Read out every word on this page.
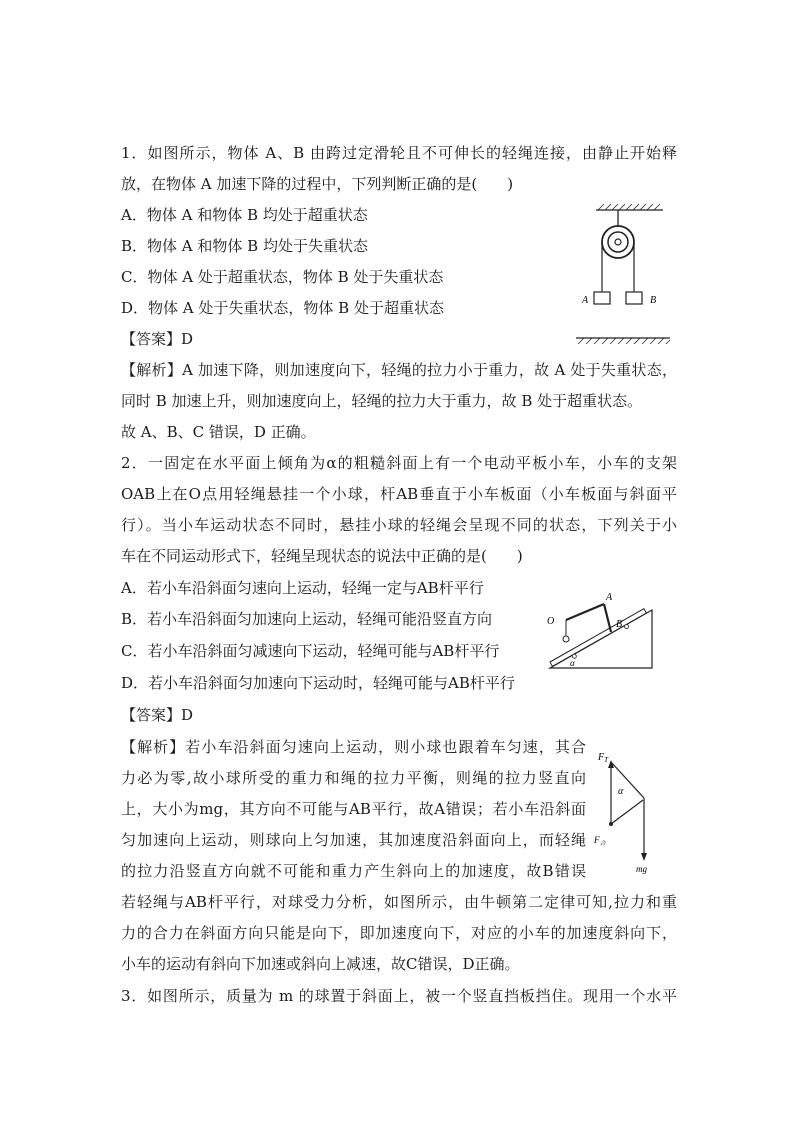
1．如图所示，物体 A、B 由跨过定滑轮且不可伸长的轻绳连接，由静止开始释
放，在物体 A 加速下降的过程中，下列判断正确的是(　　)
A．物体 A 和物体 B 均处于超重状态
B．物体 A 和物体 B 均处于失重状态
C．物体 A 处于超重状态，物体 B 处于失重状态
D．物体 A 处于失重状态，物体 B 处于超重状态
【答案】D
【解析】A 加速下降，则加速度向下，轻绳的拉力小于重力，故 A 处于失重状态，
同时 B 加速上升，则加速度向上，轻绳的拉力大于重力，故 B 处于超重状态。
故 A、B、C 错误，D 正确。
A	B
2．一固定在水平面上倾角为α的粗糙斜面上有一个电动平板小车，小车的支架
OAB上在O点用轻绳悬挂一个小球，杆AB垂直于小车板面（小车板面与斜面平
行）。当小车运动状态不同时，悬挂小球的轻绳会呈现不同的状态，下列关于小
车在不同运动形式下，轻绳呈现状态的说法中正确的是(　　)
A．若小车沿斜面匀速向上运动，轻绳一定与AB杆平行
B．若小车沿斜面匀加速向上运动，轻绳可能沿竖直方向
C．若小车沿斜面匀减速向下运动，轻绳可能与AB杆平行
D．若小车沿斜面匀加速向下运动时，轻绳可能与AB杆平行
【答案】D
【解析】若小车沿斜面匀速向上运动，则小球也跟着车匀速，其合
力必为零,故小球所受的重力和绳的拉力平衡，则绳的拉力竖直向
上，大小为mg，其方向不可能与AB平行，故A错误；若小车沿斜面
匀加速向上运动，则球向上匀加速，其加速度沿斜面向上，而轻绳
的拉力沿竖直方向就不可能和重力产生斜向上的加速度，故B错误
若轻绳与AB杆平行，对球受力分析，如图所示，由牛顿第二定律可知,拉力和重
力的合力在斜面方向只能是向下，即加速度向下，对应的小车的加速度斜向下，
小车的运动有斜向下加速或斜向上减速，故C错误，D正确。
O
A
B
α
$F_T$
α
$F_合$
mg
3．如图所示，质量为 m 的球置于斜面上，被一个竖直挡板挡住。现用一个水平
